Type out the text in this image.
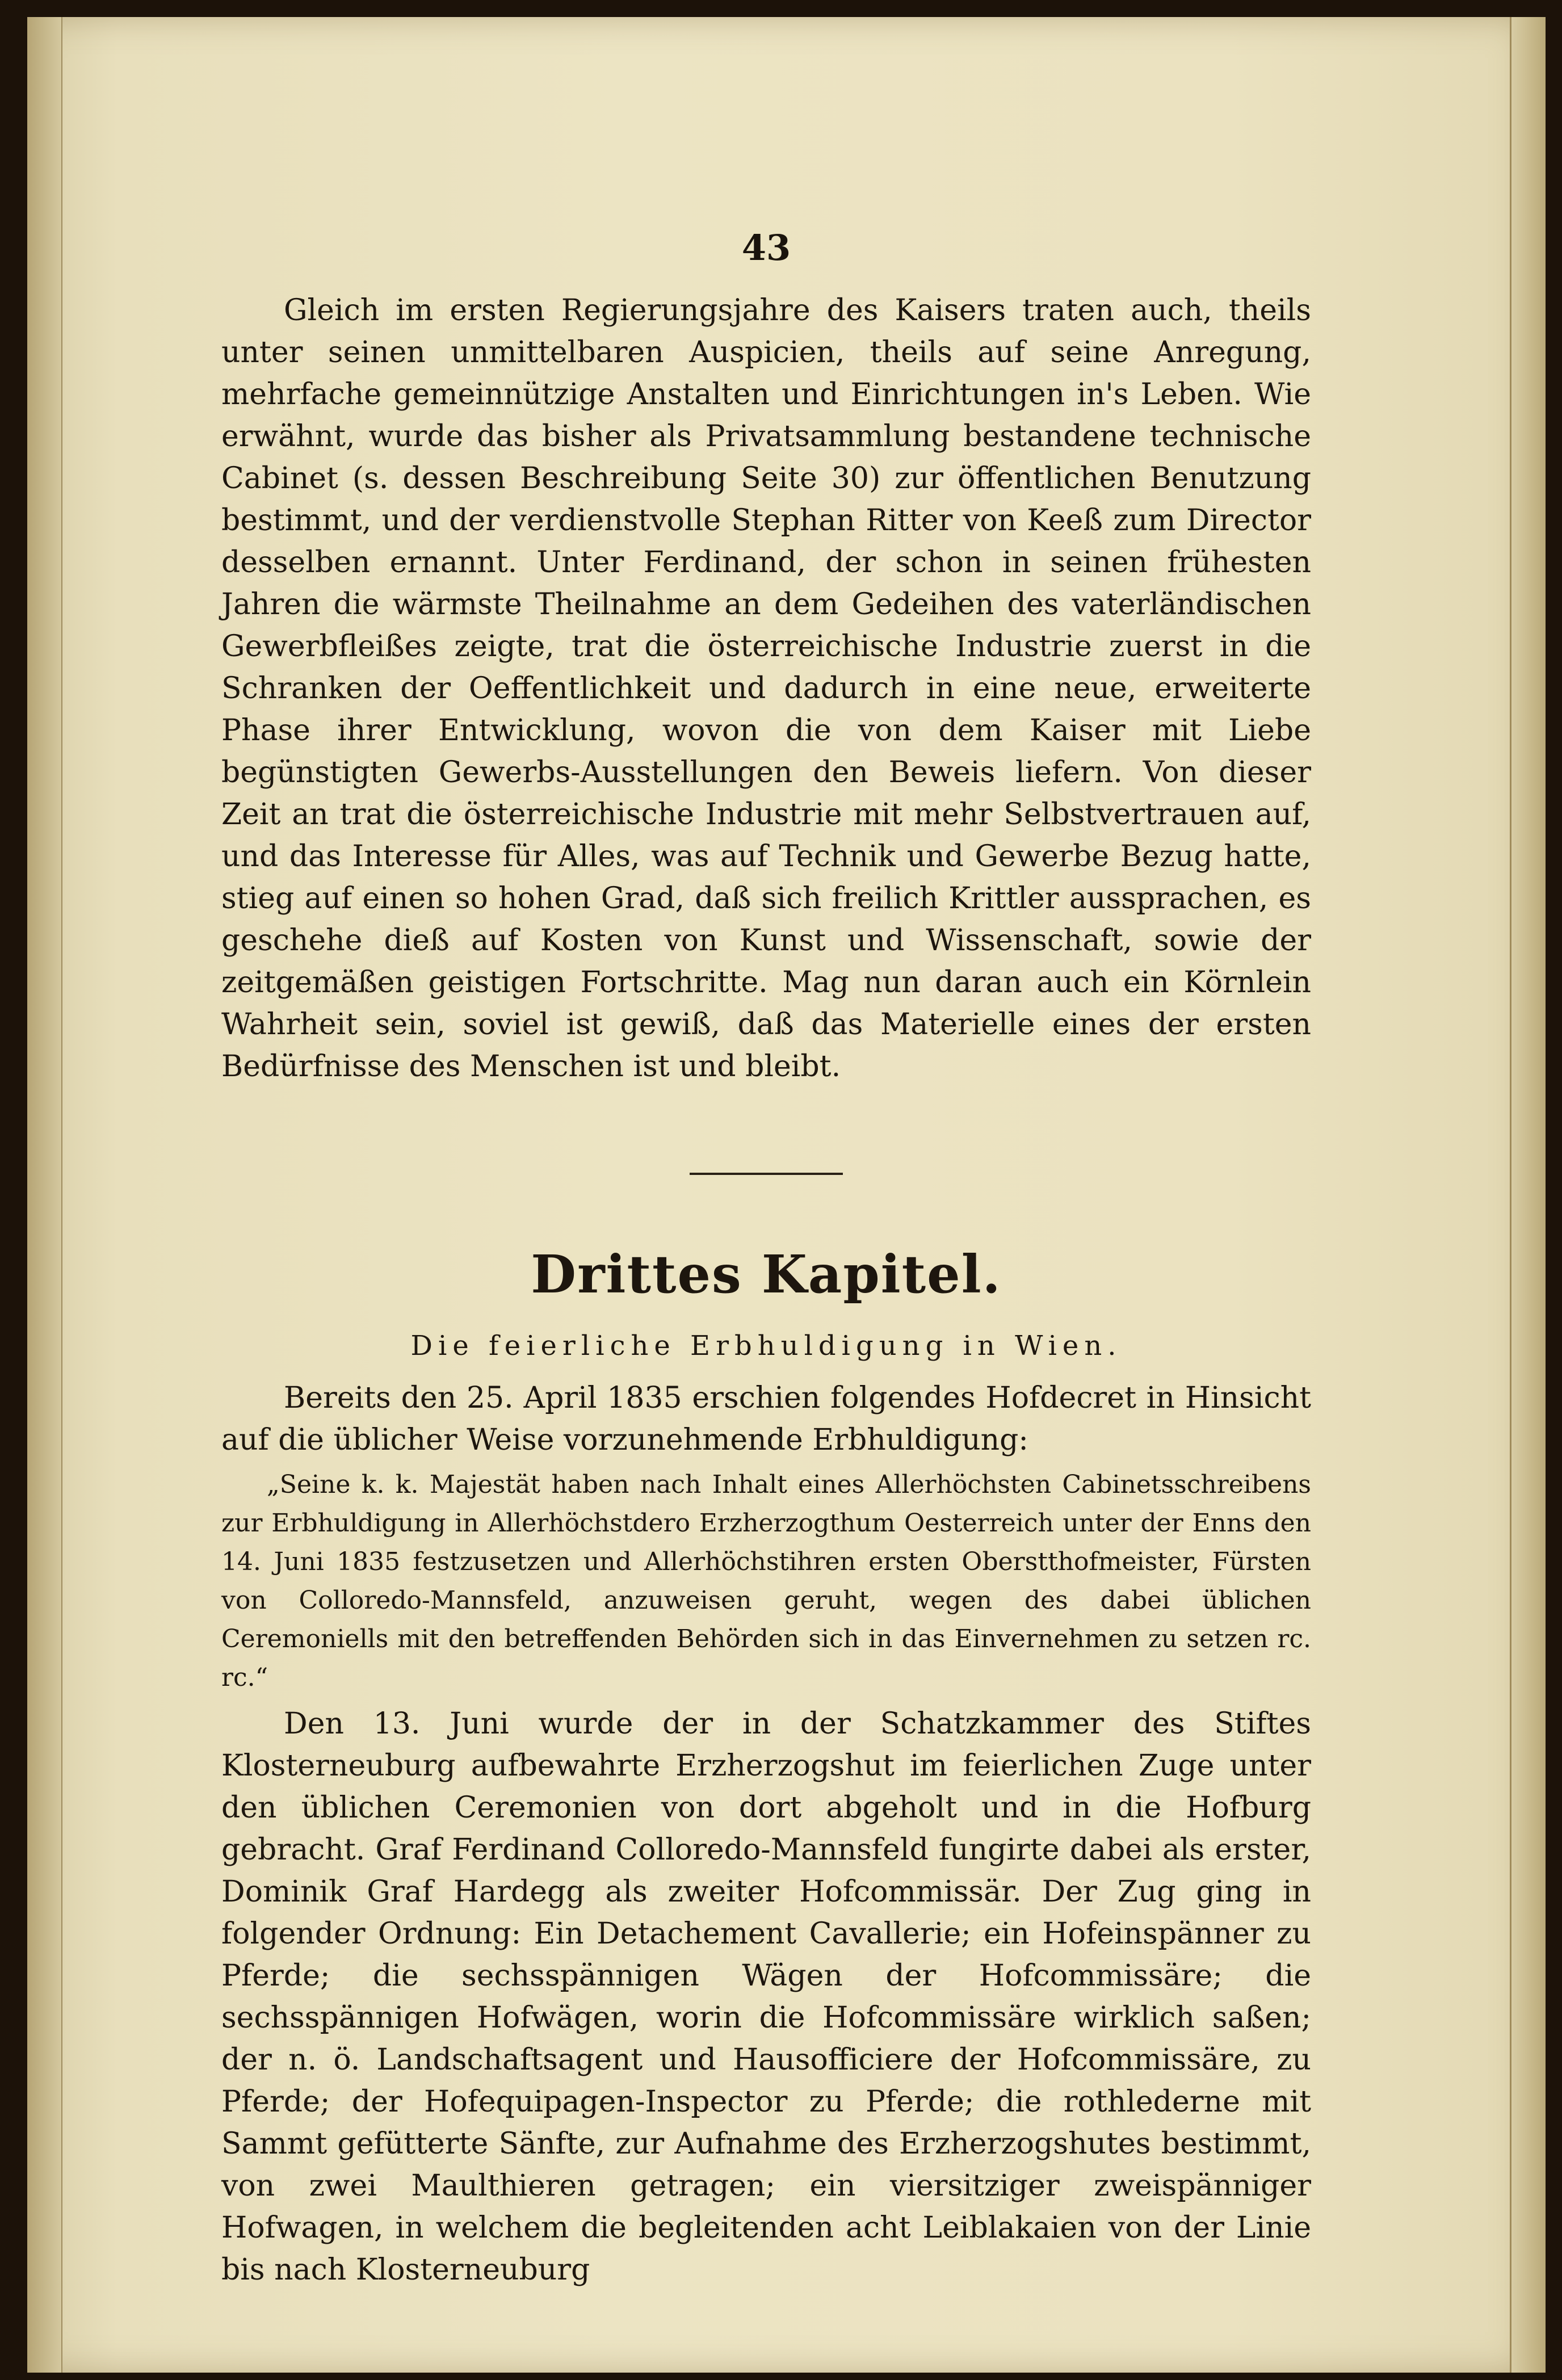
43

Gleich im ersten Regierungsjahre des Kaisers traten auch, theils unter seinen unmittelbaren Auspicien, theils auf seine Anregung, mehrfache gemeinnützige Anstalten und Einrichtungen in's Leben. Wie erwähnt, wurde das bisher als Privatsammlung bestandene technische Cabinet (s. dessen Beschreibung Seite 30) zur öffentlichen Benutzung bestimmt, und der verdienstvolle Stephan Ritter von Keeß zum Director desselben ernannt. Unter Ferdinand, der schon in seinen frühesten Jahren die wärmste Theilnahme an dem Gedeihen des vaterländischen Gewerbfleißes zeigte, trat die österreichische Industrie zuerst in die Schranken der Oeffentlichkeit und dadurch in eine neue, erweiterte Phase ihrer Entwicklung, wovon die von dem Kaiser mit Liebe begünstigten Gewerbs-Ausstellungen den Beweis liefern. Von dieser Zeit an trat die österreichische Industrie mit mehr Selbstvertrauen auf, und das Interesse für Alles, was auf Technik und Gewerbe Bezug hatte, stieg auf einen so hohen Grad, daß sich freilich Krittler aussprachen, es geschehe dieß auf Kosten von Kunst und Wissenschaft, sowie der zeitgemäßen geistigen Fortschritte. Mag nun daran auch ein Körnlein Wahrheit sein, soviel ist gewiß, daß das Materielle eines der ersten Bedürfnisse des Menschen ist und bleibt.

Drittes Kapitel.
Die feierliche Erbhuldigung in Wien.

Bereits den 25. April 1835 erschien folgendes Hofdecret in Hinsicht auf die üblicher Weise vorzunehmende Erbhuldigung:

„Seine k. k. Majestät haben nach Inhalt eines Allerhöchsten Cabinetsschreibens zur Erbhuldigung in Allerhöchstdero Erzherzogthum Oesterreich unter der Enns den 14. Juni 1835 festzusetzen und Allerhöchstihren ersten Oberstthofmeister, Fürsten von Colloredo-Mannsfeld, anzuweisen geruht, wegen des dabei üblichen Ceremoniells mit den betreffenden Behörden sich in das Einvernehmen zu setzen rc. rc.“

Den 13. Juni wurde der in der Schatzkammer des Stiftes Klosterneuburg aufbewahrte Erzherzogshut im feierlichen Zuge unter den üblichen Ceremonien von dort abgeholt und in die Hofburg gebracht. Graf Ferdinand Colloredo-Mannsfeld fungirte dabei als erster, Dominik Graf Hardegg als zweiter Hofcommissär. Der Zug ging in folgender Ordnung: Ein Detachement Cavallerie; ein Hofeinspänner zu Pferde; die sechsspännigen Wägen der Hofcommissäre; die sechsspännigen Hofwägen, worin die Hofcommissäre wirklich saßen; der n. ö. Landschaftsagent und Hausofficiere der Hofcommissäre, zu Pferde; der Hofequipagen-Inspector zu Pferde; die rothlederne mit Sammt gefütterte Sänfte, zur Aufnahme des Erzherzogshutes bestimmt, von zwei Maulthieren getragen; ein viersitziger zweispänniger Hofwagen, in welchem die begleitenden acht Leiblakaien von der Linie bis nach Klosterneuburg
